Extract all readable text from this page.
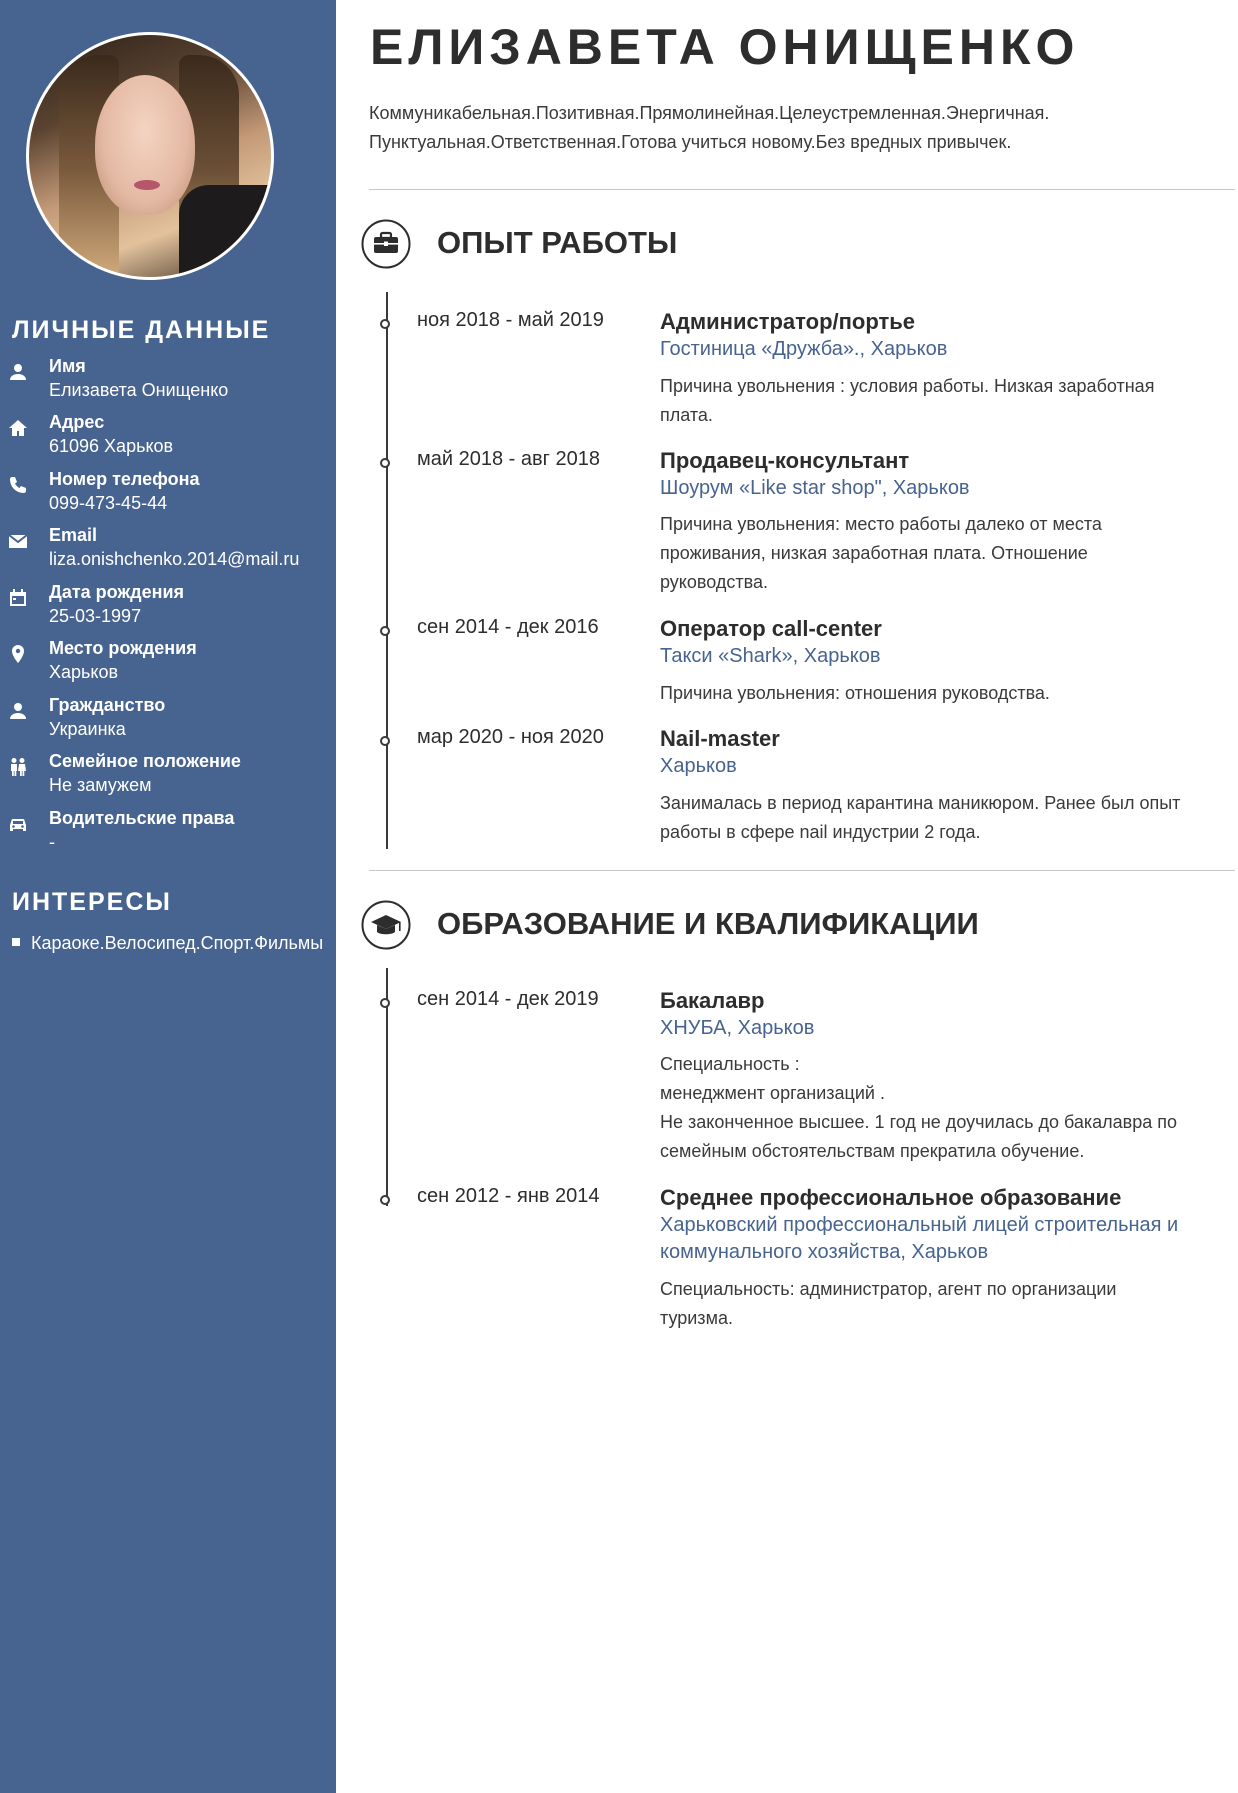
ЛИЧНЫЕ ДАННЫЕ
Имя
Елизавета Онищенко
Адрес
61096 Харьков
Номер телефона
099-473-45-44
Email
liza.onishchenko.2014@mail.ru
Дата рождения
25-03-1997
Место рождения
Харьков
Гражданство
Украинка
Семейное положение
Не замужем
Водительские права
-
ИНТЕРЕСЫ
Караоке.Велосипед.Спорт.Фильмы
ЕЛИЗАВЕТА ОНИЩЕНКО
Коммуникабельная.Позитивная.Прямолинейная.Целеустремленная.Энергичная.
Пунктуальная.Ответственная.Готова учиться новому.Без вредных привычек.
ОПЫТ РАБОТЫ
ноя 2018 - май 2019	Администратор/портье
Гостиница «Дружба»., Харьков
Причина увольнения : условия работы. Низкая заработная
плата.
май 2018 - авг 2018	Продавец-консультант
Шоурум «Like star shop", Харьков
Причина увольнения: место работы далеко от места
проживания, низкая заработная плата. Отношение
руководства.
сен 2014 - дек 2016	Оператор call-center
Такси «Shark», Харьков
Причина увольнения: отношения руководства.
мар 2020 - ноя 2020	Nail-master
Харьков
Занималась в период карантина маникюром. Ранее был опыт
работы в сфере nail индустрии 2 года.
ОБРАЗОВАНИЕ И КВАЛИФИКАЦИИ
сен 2014 - дек 2019	Бакалавр
ХНУБА, Харьков
Специальность :
менеджмент организаций .
Не законченное высшее. 1 год не доучилась до бакалавра по
семейным обстоятельствам прекратила обучение.
сен 2012 - янв 2014	Среднее профессиональное образование
Харьковский профессиональный лицей строительная и коммунального хозяйства, Харьков
Специальность: администратор, агент по организации
туризма.
